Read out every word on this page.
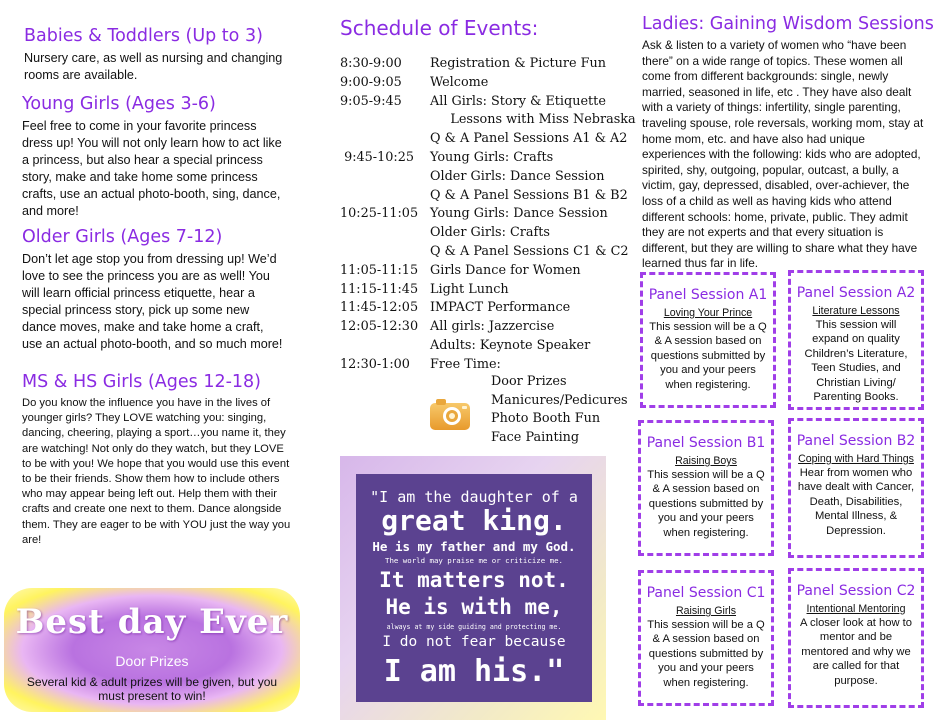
Babies & Toddlers (Up to 3)
Nursery care, as well as nursing and changing rooms are available.
Young Girls (Ages 3-6)
Feel free to come in your favorite princess dress up! You will not only learn how to act like a princess, but also hear a special princess story, make and take home some princess crafts, use an actual photo-booth, sing, dance, and more!
Older Girls (Ages 7-12)
Don’t let age stop you from dressing up! We’d love to see the princess you are as well! You will learn official princess etiquette, hear a special princess story, pick up some new dance moves, make and take home a craft, use an actual photo-booth, and so much more!
MS & HS Girls (Ages 12-18)
Do you know the influence you have in the lives of younger girls? They LOVE watching you: singing, dancing, cheering, playing a sport…you name it, they are watching! Not only do they watch, but they LOVE to be with you! We hope that you would use this event to be their friends. Show them how to include others who may appear being left out. Help them with their crafts and create one next to them. Dance alongside them. They are eager to be with YOU just the way you are!
Best day Ever
Door Prizes
Several kid & adult prizes will be given, but you must present to win!
Schedule of Events:
8:30-9:00 Registration & Picture Fun
9:00-9:05 Welcome
9:05-9:45 All Girls: Story & Etiquette
Lessons with Miss Nebraska
Q & A Panel Sessions A1 & A2
9:45-10:25 Young Girls: Crafts
Older Girls: Dance Session
Q & A Panel Sessions B1 & B2
10:25-11:05 Young Girls: Dance Session
Older Girls: Crafts
Q & A Panel Sessions C1 & C2
11:05-11:15 Girls Dance for Women
11:15-11:45 Light Lunch
11:45-12:05 IMPACT Performance
12:05-12:30 All girls: Jazzercise
Adults: Keynote Speaker
12:30-1:00 Free Time:
Door Prizes
Manicures/Pedicures
Photo Booth Fun
Face Painting
"I am the daughter of a
great king.
He is my father and my God.
The world may praise me or criticize me.
It matters not.
He is with me,
always at my side guiding and protecting me.
I do not fear because
I am his."
Ladies: Gaining Wisdom Sessions
Ask & listen to a variety of women who “have been there” on a wide range of topics. These women all come from different backgrounds: single, newly married, seasoned in life, etc . They have also dealt with a variety of things: infertility, single parenting, traveling spouse, role reversals, working mom, stay at home mom, etc. and have also had unique experiences with the following: kids who are adopted, spirited, shy, outgoing, popular, outcast, a bully, a victim, gay, depressed, disabled, over-achiever, the loss of a child as well as having kids who attend different schools: home, private, public. They admit they are not experts and that every situation is different, but they are willing to share what they have learned thus far in life.
Panel Session A1
Loving Your Prince
This session will be a Q & A session based on questions submitted by you and your peers when registering.
Panel Session A2
Literature Lessons
This session will expand on quality Children’s Literature, Teen Studies, and Christian Living/ Parenting Books.
Panel Session B1
Raising Boys
This session will be a Q & A session based on questions submitted by you and your peers when registering.
Panel Session B2
Coping with Hard Things
Hear from women who have dealt with Cancer, Death, Disabilities, Mental Illness, & Depression.
Panel Session C1
Raising Girls
This session will be a Q & A session based on questions submitted by you and your peers when registering.
Panel Session C2
Intentional Mentoring
A closer look at how to mentor and be mentored and why we are called for that purpose.
